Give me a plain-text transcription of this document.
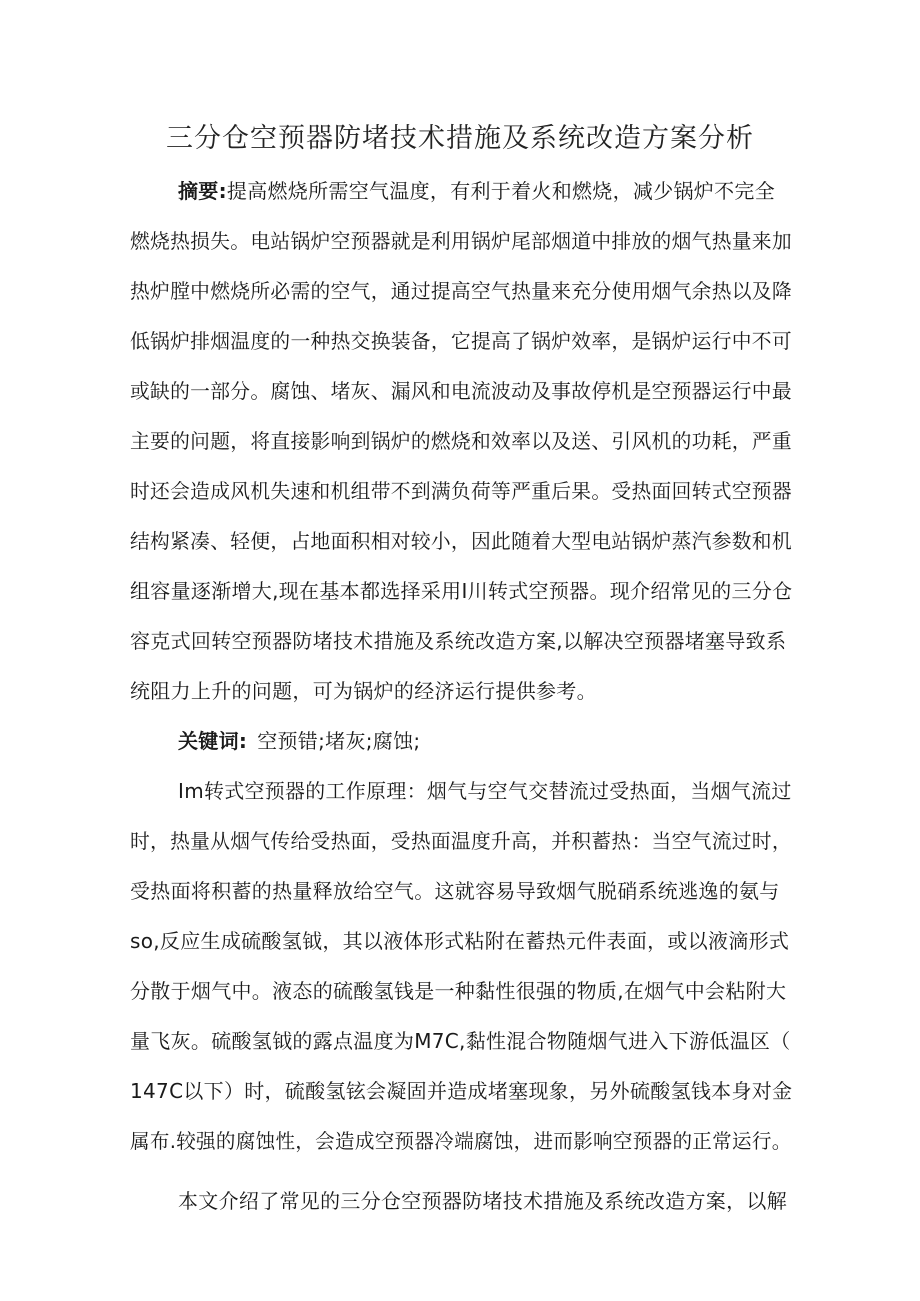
三分仓空预器防堵技术措施及系统改造方案分析
摘要:提高燃烧所需空气温度，有利于着火和燃烧，减少锅炉不完全
燃烧热损失。电站锅炉空预器就是利用锅炉尾部烟道中排放的烟气热量来加
热炉膛中燃烧所必需的空气，通过提高空气热量来充分使用烟气余热以及降
低锅炉排烟温度的一种热交换装备，它提高了锅炉效率，是锅炉运行中不可
或缺的一部分。腐蚀、堵灰、漏风和电流波动及事故停机是空预器运行中最
主要的问题，将直接影响到锅炉的燃烧和效率以及送、引风机的功耗，严重
时还会造成风机失速和机组带不到满负荷等严重后果。受热面回转式空预器
结构紧凑、轻便，占地面积相对较小，因此随着大型电站锅炉蒸汽参数和机
组容量逐渐增大,现在基本都选择采用I川转式空预器。现介绍常见的三分仓
容克式回转空预器防堵技术措施及系统改造方案,以解决空预器堵塞导致系
统阻力上升的问题，可为锅炉的经济运行提供参考。
关键词: 空预错;堵灰;腐蚀;
Im转式空预器的工作原理：烟气与空气交替流过受热面，当烟气流过
时，热量从烟气传给受热面，受热面温度升高，并积蓄热：当空气流过时，
受热面将积蓄的热量释放给空气。这就容易导致烟气脱硝系统逃逸的氨与
so,反应生成硫酸氢钺，其以液体形式粘附在蓄热元件表面，或以液滴形式
分散于烟气中。液态的硫酸氢钱是一种黏性很强的物质,在烟气中会粘附大
量飞灰。硫酸氢钺的露点温度为M7C,黏性混合物随烟气进入下游低温区（
147C以下）时，硫酸氢铉会凝固并造成堵塞现象，另外硫酸氢钱本身对金
属布.较强的腐蚀性，会造成空预器冷端腐蚀，进而影响空预器的正常运行。
本文介绍了常见的三分仓空预器防堵技术措施及系统改造方案，以解
